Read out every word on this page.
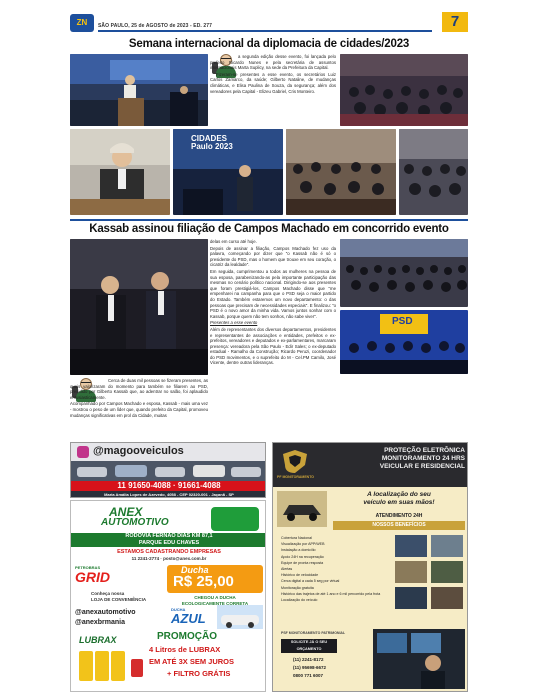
ZN	SÃO PAULO, 25 de AGOSTO de 2023 - ED. 277	7
Semana internacional da diplomacia de cidades/2023

a segunda edição desse evento, foi lançada pelo prefeito Ricardo Nunes e pela secretária de assuntos internacionais Marta Suplicy, na sede da Prefeitura da Capital.

Fizeram-se presentes a esse evento, os secretários Luiz Carlos Zamarco, da saúde; Gilberto Nataline, de mudanças climáticas, e Elisa Paulina de Souza, da segurança; além dos vereadores pela Capital - Elizeu Gabriel, Cris Monteiro.

CIDADES
Paulo 2023
Kassab assinou filiação de Campos Machado em concorrido evento

delas em curso até hoje.

Depois de assinar a filiação, Campos Machado fez uso da palavra, começando por dizer que "o Kassab não é só o presidente do PSD, mas o homem que trouxe em seu coração, o cicatriz da lealdade".

Em seguida, cumprimentou a todos as mulheres na pessoa de sua esposa, parabenizando-as pela importante participação das mesmas no cenário político nacional. Dirigindo-se aos presentes que foram prestigiá-los, Campos Machado disse que "me empenharei na campanha para que o PSD seja o maior partido do Estado. Também estaremos um novo departamento: o das pessoas que precisam de necessidades especiais". E finalizou: "o PSD é o novo amor da minha vida. Vamos juntos sonhar com o Kassab, porque quem não tem sonhos, não sabe viver".

Presentes a esse evento

Além de representantes dos diversos departamentos, presidentes e representantes de associações e entidades, prefeitos e ex-prefeitos, vereadores e deputados e ex-parlamentares, marcaram presença: vereadora pela São Paulo - Edir Sales; o ex-deputado estadual - Ramalho da Construção; Ricardo Peruzi, coordenador do PSD movimentos, e o suprefeito do M - Cel.PM Camilo, José Vicente, dentre outras lideranças.

PSD

Cerca de duas mil pessoas se fizeram presentes, as quais valorizaram do momento para também se filiarem ao PSD, presidido por Gilberto Kassab que, ao adentrar no salão, foi aplaudido entusiasticamente.

Acompanhado por Campos Machado e esposa, Kassab - mais uma vez - mostrou o peso de um líder que, quando prefeito da Capital, promoveu mudanças significativas em prol da Cidade, muitas

@magooveiculos
11 91650-4088 · 91661-4088
Maria Amália Lopes de Azevedo, 4058 - CEP 02320-001 - Jaçanã - SP
ANEX
AUTOMOTIVO
RODOVIA FERNÃO DIAS KM 87,1
PARQUE EDU CHAVES
ESTAMOS CADASTRANDO EMPRESAS
11 2241-2774 · posto@anex.com.br
PETROBRAS
GRID	Ducha
R$ 25,00
Conheça nossa
LOJA DE CONVENIÊNCIA	CHEGOU A DUCHA
ECOLOGICAMENTE CORRETA
@anexautomotivo
@anexbrmania
DUCHA
AZUL
LUBRAX	PROMOÇÃO
4 Litros de LUBRAX
EM ATÉ 3X SEM JUROS
+ FILTRO GRÁTIS
PF MONITORAMENTO
PROTEÇÃO ELETRÔNICA
MONITORAMENTO 24 HRS
VEICULAR E RESIDENCIAL
A localização do seu
veículo em suas mãos!
ATENDIMENTO 24H
NOSSOS BENEFÍCIOS
Cobertura Nacional
Visualização por APP/WEB
Instalação a domicílio
Apoio 24H na recuperação
Equipe de pronta resposta
Alertas
Histórico de velocidade
Cerca digital a cada 5 seg por virtual
Monitoração gratuita
Histórico das trajetos de até 1 ano e 6 mil percorrido pela frota
Localização do veículo
PSF MONITORAMENTO PATRIMONIAL
SOLICITE JÁ O SEU
ORÇAMENTO
(11) 2241-8172
(11) 95698-6672
0800 771 6007
